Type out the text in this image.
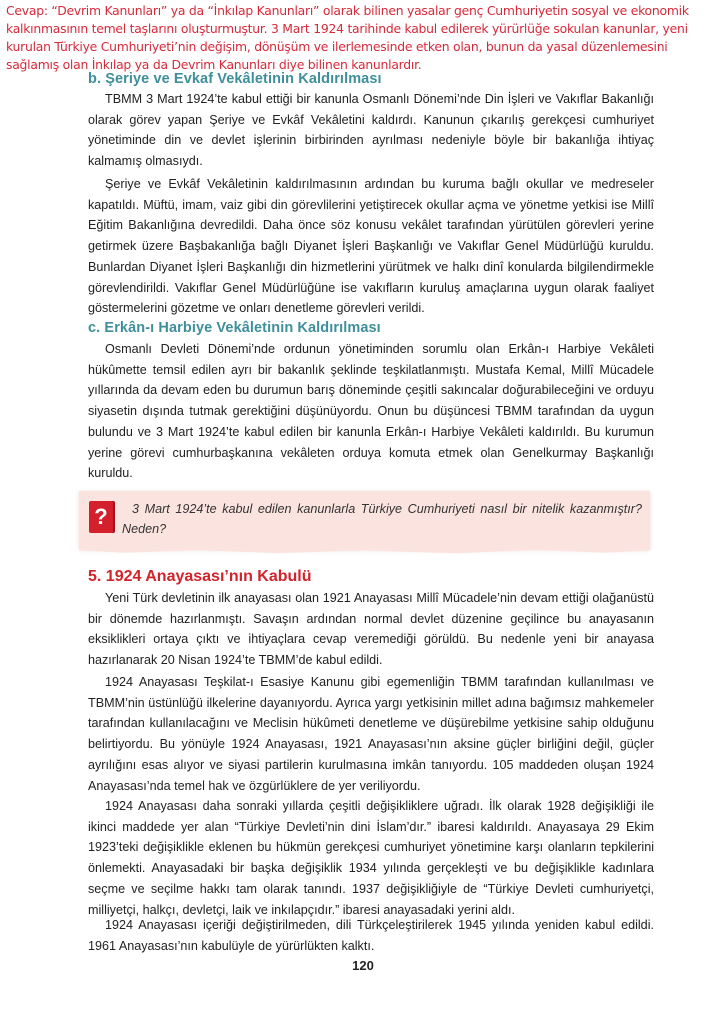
Cevap: “Devrim Kanunları” ya da “İnkılap Kanunları” olarak bilinen yasalar genç Cumhuriyetin sosyal ve ekonomik kalkınmasının temel taşlarını oluşturmuştur. 3 Mart 1924 tarihinde kabul edilerek yürürlüğe sokulan kanunlar, yeni kurulan Türkiye Cumhuriyeti’nin değişim, dönüşüm ve ilerlemesinde etken olan, bunun da yasal düzenlemesini sağlamış olan İnkılap ya da Devrim Kanunları diye bilinen kanunlardır.
b. Şeriye ve Evkaf Vekâletinin Kaldırılması

TBMM 3 Mart 1924’te kabul ettiği bir kanunla Osmanlı Dönemi’nde Din İşleri ve Vakıflar Bakanlığı olarak görev yapan Şeriye ve Evkâf Vekâletini kaldırdı. Kanunun çıkarılış gerekçesi cumhuriyet yönetiminde din ve devlet işlerinin birbirinden ayrılması nedeniyle böyle bir bakanlığa ihtiyaç kalmamış olmasıydı.

Şeriye ve Evkâf Vekâletinin kaldırılmasının ardından bu kuruma bağlı okullar ve medreseler kapatıldı. Müftü, imam, vaiz gibi din görevlilerini yetiştirecek okullar açma ve yönetme yetkisi ise Millî Eğitim Bakanlığına devredildi. Daha önce söz konusu vekâlet tarafından yürütülen görevleri yerine getirmek üzere Başbakanlığa bağlı Diyanet İşleri Başkanlığı ve Vakıflar Genel Müdürlüğü kuruldu. Bunlardan Diyanet İşleri Başkanlığı din hizmetlerini yürütmek ve halkı dinî konularda bilgilendirmekle görevlendirildi. Vakıflar Genel Müdürlüğüne ise vakıfların kuruluş amaçlarına uygun olarak faaliyet göstermelerini gözetme ve onları denetleme görevleri verildi.

c. Erkân-ı Harbiye Vekâletinin Kaldırılması

Osmanlı Devleti Dönemi’nde ordunun yönetiminden sorumlu olan Erkân-ı Harbiye Vekâleti hükûmette temsil edilen ayrı bir bakanlık şeklinde teşkilatlanmıştı. Mustafa Kemal, Millî Mücadele yıllarında da devam eden bu durumun barış döneminde çeşitli sakıncalar doğurabileceğini ve orduyu siyasetin dışında tutmak gerektiğini düşünüyordu. Onun bu düşüncesi TBMM tarafından da uygun bulundu ve 3 Mart 1924’te kabul edilen bir kanunla Erkân-ı Harbiye Vekâleti kaldırıldı. Bu kurumun yerine görevi cumhurbaşkanına vekâleten orduya komuta etmek olan Genelkurmay Başkanlığı kuruldu.

?	3 Mart 1924’te kabul edilen kanunlarla Türkiye Cumhuriyeti nasıl bir nitelik kazanmıştır? Neden?
5. 1924 Anayasası’nın Kabulü

Yeni Türk devletinin ilk anayasası olan 1921 Anayasası Millî Mücadele’nin devam ettiği olağanüstü bir dönemde hazırlanmıştı. Savaşın ardından normal devlet düzenine geçilince bu anayasanın eksiklikleri ortaya çıktı ve ihtiyaçlara cevap veremediği görüldü. Bu nedenle yeni bir anayasa hazırlanarak 20 Nisan 1924’te TBMM’de kabul edildi.

1924 Anayasası Teşkilat-ı Esasiye Kanunu gibi egemenliğin TBMM tarafından kullanılması ve TBMM’nin üstünlüğü ilkelerine dayanıyordu. Ayrıca yargı yetkisinin millet adına bağımsız mahkemeler tarafından kullanılacağını ve Meclisin hükûmeti denetleme ve düşürebilme yetkisine sahip olduğunu belirtiyordu. Bu yönüyle 1924 Anayasası, 1921 Anayasası’nın aksine güçler birliğini değil, güçler ayrılığını esas alıyor ve siyasi partilerin kurulmasına imkân tanıyordu. 105 maddeden oluşan 1924 Anayasası’nda temel hak ve özgürlüklere de yer veriliyordu.

1924 Anayasası daha sonraki yıllarda çeşitli değişikliklere uğradı. İlk olarak 1928 değişikliği ile ikinci maddede yer alan “Türkiye Devleti’nin dini İslam’dır.” ibaresi kaldırıldı. Anayasaya 29 Ekim 1923’teki değişiklikle eklenen bu hükmün gerekçesi cumhuriyet yönetimine karşı olanların tepkilerini önlemekti. Anayasadaki bir başka değişiklik 1934 yılında gerçekleşti ve bu değişiklikle kadınlara seçme ve seçilme hakkı tam olarak tanındı. 1937 değişikliğiyle de “Türkiye Devleti cumhuriyetçi, milliyetçi, halkçı, devletçi, laik ve inkılapçıdır.” ibaresi anayasadaki yerini aldı.

1924 Anayasası içeriği değiştirilmeden, dili Türkçeleştirilerek 1945 yılında yeniden kabul edildi. 1961 Anayasası’nın kabulüyle de yürürlükten kalktı.

120
